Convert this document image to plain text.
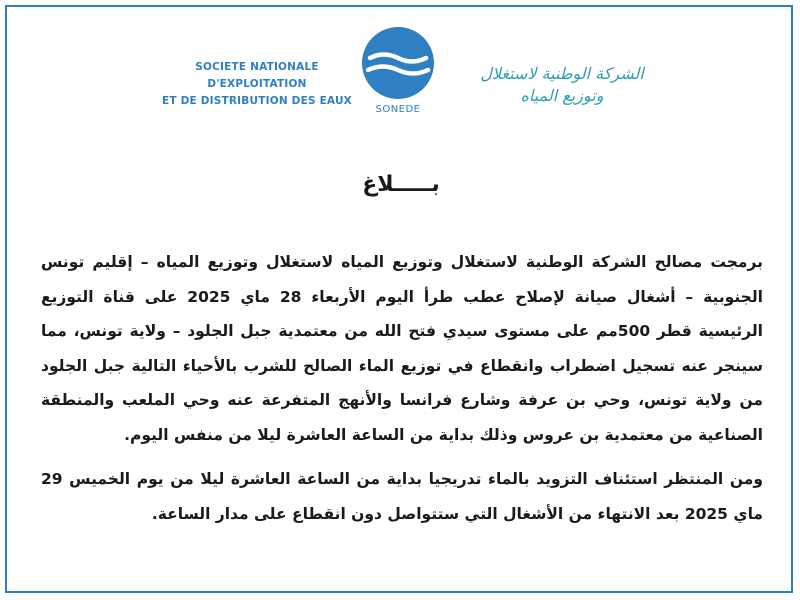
SOCIETE NATIONALE D'EXPLOITATION
ET DE DISTRIBUTION DES EAUX
SONEDE
الشركة الوطنية لاستغلال وتوزيع المياه
بـــــلاغ

برمجت مصالح الشركة الوطنية لاستغلال وتوزيع المياه لاستغلال وتوزيع المياه – إقليم تونس الجنوبية – أشغال صيانة لإصلاح عطب طرأ اليوم الأربعاء 28 ماي 2025 على قناة التوزيع الرئيسية قطر 500مم على مستوى سيدي فتح الله من معتمدية جبل الجلود – ولاية تونس، مما سينجر عنه تسجيل اضطراب وانقطاع في توزيع الماء الصالح للشرب بالأحياء التالية جبل الجلود من ولاية تونس، وحي بن عرفة وشارع فرانسا والأنهج المتفرعة عنه وحي الملعب والمنطقة الصناعية من معتمدية بن عروس وذلك بداية من الساعة العاشرة ليلا من منفس اليوم.

ومن المنتظر استئناف التزويد بالماء تدريجيا بداية من الساعة العاشرة ليلا من يوم الخميس 29 ماي 2025 بعد الانتهاء من الأشغال التي ستتواصل دون انقطاع على مدار الساعة.
